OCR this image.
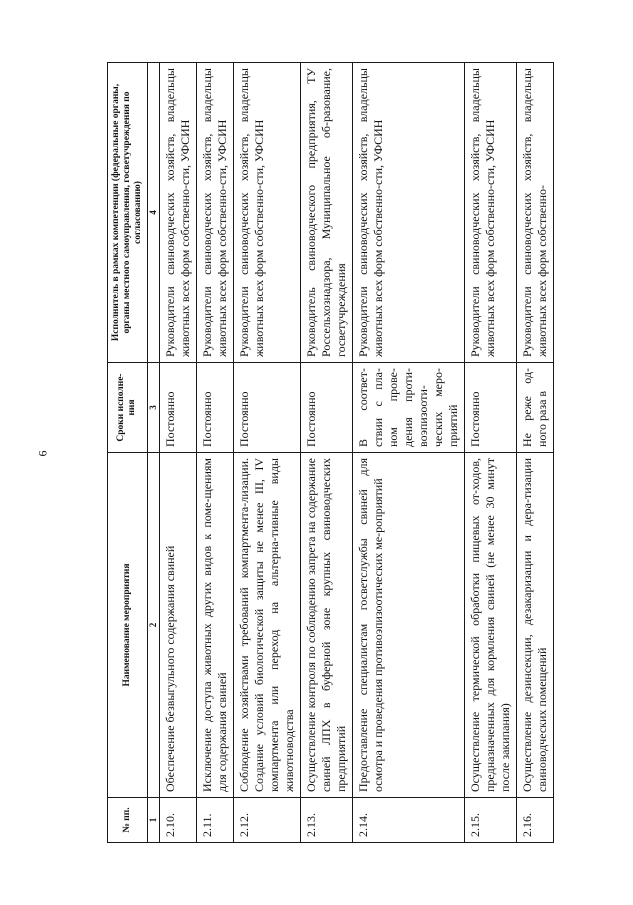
6
№ пп.	Наименование мероприятия	Сроки исполне-ния	Исполнитель в рамках компетенции (федеральные органы, органы местного самоуправления, госветучреждения по согласованию)
1	2	3	4
2.10.	Обеспечение безвыгульного содержания свиней	Постоянно	Руководители свиноводческих хозяйств, владельцы животных всех форм собственно-сти, УФСИН
2.11.	Исключение доступа животных других видов к поме-щениям для содержания свиней	Постоянно	Руководители свиноводческих хозяйств, владельцы животных всех форм собственно-сти, УФСИН
2.12.	Соблюдение хозяйствами требований компартмента-лизации. Создание условий биологической защиты не менее III, IV компартмента или переход на альтерна-тивные виды животноводства	Постоянно	Руководители свиноводческих хозяйств, владельцы животных всех форм собственно-сти, УФСИН
2.13.	Осуществление контроля по соблюдению запрета на содержание свиней ЛПХ в буферной зоне крупных свиноводческих предприятий	Постоянно	Руководитель свиноводческого предприятия, ТУ Россельхознадзора, Муниципальное об-разование, госветучреждения
2.14.	Предоставление специалистам госветслужбы свиней для осмотра и проведения противоэпизоотических ме-роприятий	В соответ-ствии с пла-ном прове-дения проти-воэпизооти-ческих меро-приятий	Руководители свиноводческих хозяйств, владельцы животных всех форм собственно-сти, УФСИН
2.15.	Осуществление термической обработки пищевых от-ходов, предназначенных для кормления свиней (не менее 30 минут после закипания)	Постоянно	Руководители свиноводческих хозяйств, владельцы животных всех форм собственно-сти, УФСИН
2.16.	Осуществление дезинсекции, дезакаризации и дера-тизации свиноводческих помещений	Не реже од-ного раза в	Руководители свиноводческих хозяйств, владельцы животных всех форм собственно-
